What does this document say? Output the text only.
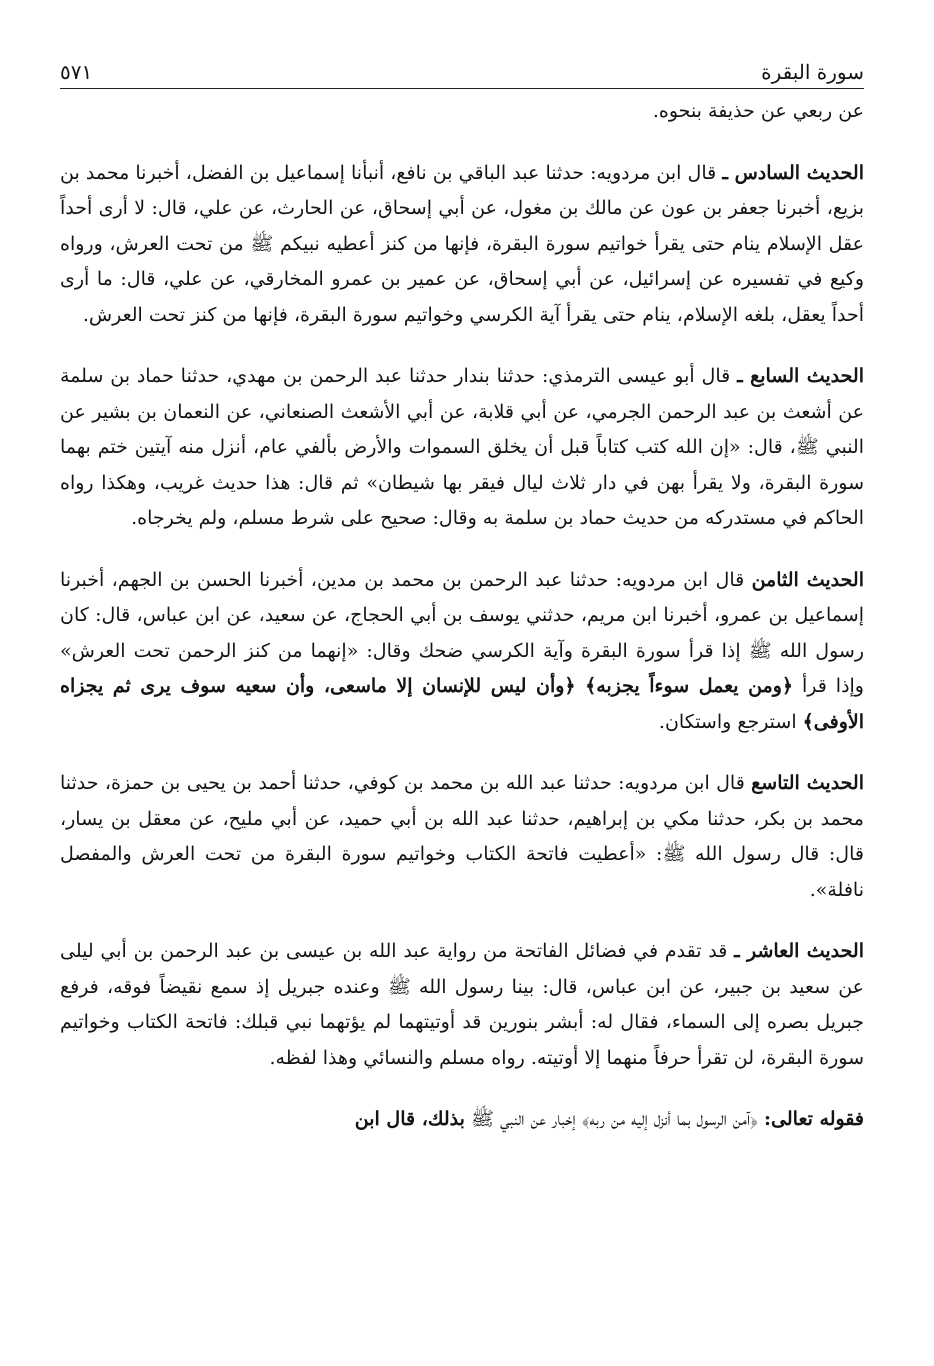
سورة البقرة
٥٧١

عن ربعي عن حذيفة بنحوه.

الحديث السادس ـ قال ابن مردويه: حدثنا عبد الباقي بن نافع، أنبأنا إسماعيل بن الفضل، أخبرنا محمد بن بزيع، أخبرنا جعفر بن عون عن مالك بن مغول، عن أبي إسحاق، عن الحارث، عن علي، قال: لا أرى أحداً عقل الإسلام ينام حتى يقرأ خواتيم سورة البقرة، فإنها من كنز أعطيه نبيكم ﷺ من تحت العرش، ورواه وكيع في تفسيره عن إسرائيل، عن أبي إسحاق، عن عمير بن عمرو المخارقي، عن علي، قال: ما أرى أحداً يعقل، بلغه الإسلام، ينام حتى يقرأ آية الكرسي وخواتيم سورة البقرة، فإنها من كنز تحت العرش.

الحديث السابع ـ قال أبو عيسى الترمذي: حدثنا بندار حدثنا عبد الرحمن بن مهدي، حدثنا حماد بن سلمة عن أشعث بن عبد الرحمن الجرمي، عن أبي قلابة، عن أبي الأشعث الصنعاني، عن النعمان بن بشير عن النبي ﷺ، قال: «إن الله كتب كتاباً قبل أن يخلق السموات والأرض بألفي عام، أنزل منه آيتين ختم بهما سورة البقرة، ولا يقرأ بهن في دار ثلاث ليال فيقر بها شيطان» ثم قال: هذا حديث غريب، وهكذا رواه الحاكم في مستدركه من حديث حماد بن سلمة به وقال: صحيح على شرط مسلم، ولم يخرجاه.

الحديث الثامن قال ابن مردويه: حدثنا عبد الرحمن بن محمد بن مدين، أخبرنا الحسن بن الجهم، أخبرنا إسماعيل بن عمرو، أخبرنا ابن مريم، حدثني يوسف بن أبي الحجاج، عن سعيد، عن ابن عباس، قال: كان رسول الله ﷺ إذا قرأ سورة البقرة وآية الكرسي ضحك وقال: «إنهما من كنز الرحمن تحت العرش» وإذا قرأ ﴿ومن يعمل سوءاً يجزبه﴾ ﴿وأن ليس للإنسان إلا ماسعى، وأن سعيه سوف يرى ثم يجزاه الأوفى﴾ استرجع واستكان.

الحديث التاسع قال ابن مردويه: حدثنا عبد الله بن محمد بن كوفي، حدثنا أحمد بن يحيى بن حمزة، حدثنا محمد بن بكر، حدثنا مكي بن إبراهيم، حدثنا عبد الله بن أبي حميد، عن أبي مليح، عن معقل بن يسار، قال: قال رسول الله ﷺ: «أعطيت فاتحة الكتاب وخواتيم سورة البقرة من تحت العرش والمفصل نافلة».

الحديث العاشر ـ قد تقدم في فضائل الفاتحة من رواية عبد الله بن عيسى بن عبد الرحمن بن أبي ليلى عن سعيد بن جبير، عن ابن عباس، قال: بينا رسول الله ﷺ وعنده جبريل إذ سمع نقيضاً فوقه، فرفع جبريل بصره إلى السماء، فقال له: أبشر بنورين قد أوتيتهما لم يؤتهما نبي قبلك: فاتحة الكتاب وخواتيم سورة البقرة، لن تقرأ حرفاً منهما إلا أوتيته. رواه مسلم والنسائي وهذا لفظه.

فقوله تعالى: ﴿آمن الرسول بما أنزل إليه من ربه﴾ إخبار عن النبي ﷺ بذلك، قال ابن
